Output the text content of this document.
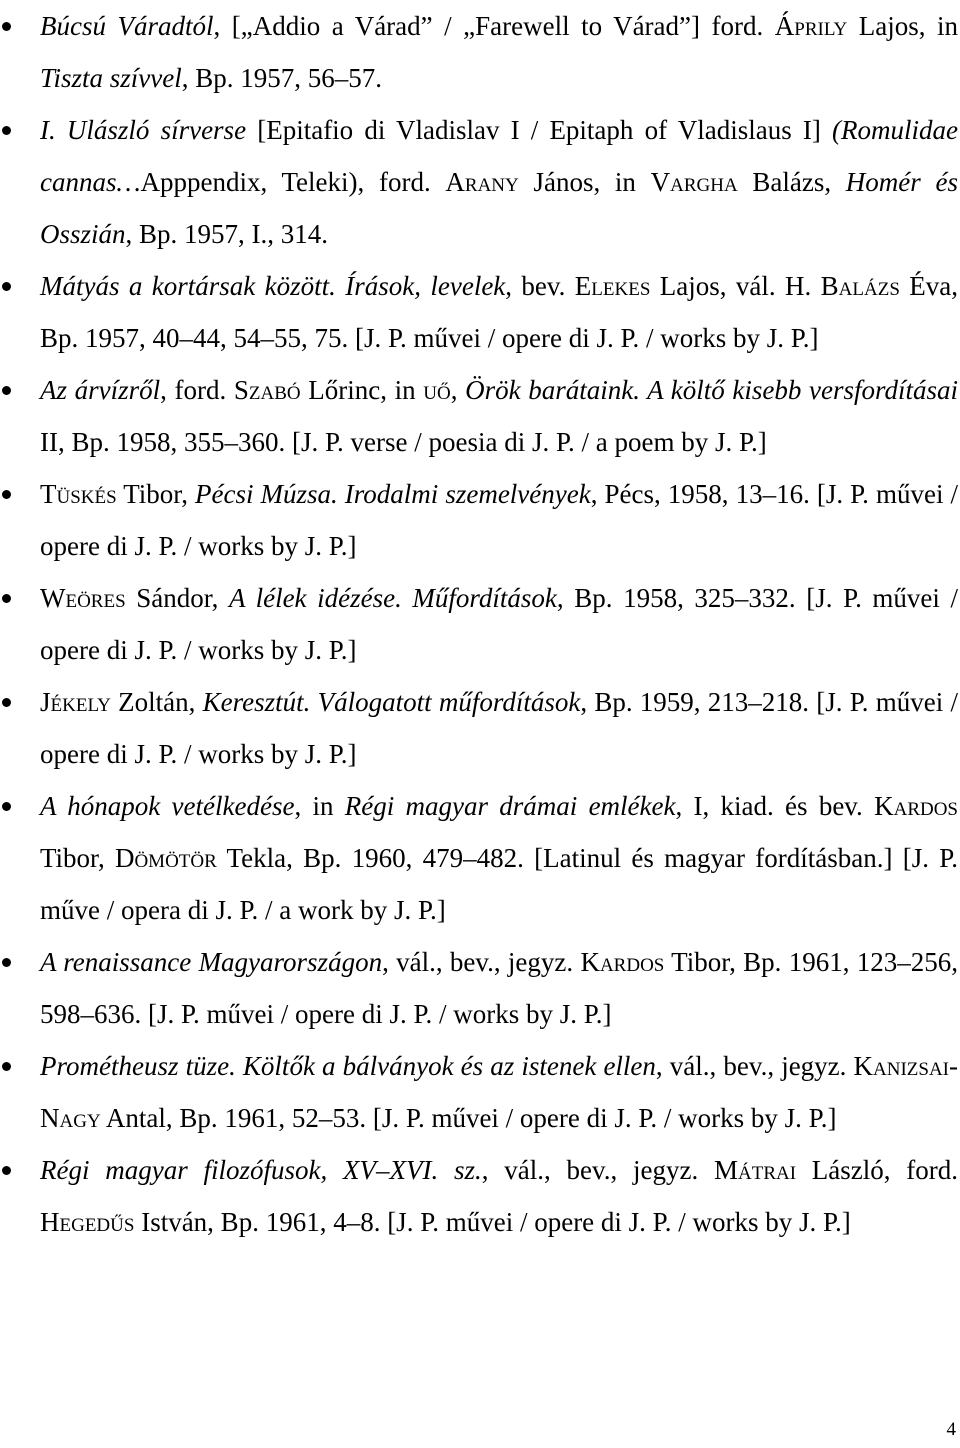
Búcsú Váradtól, [„Addio a Várad” / „Farewell to Várad”] ford. Áprily Lajos, in Tiszta szívvel, Bp. 1957, 56–57.
I. Ulászló sírverse [Epitafio di Vladislav I / Epitaph of Vladislaus I] (Romulidae cannas…Apppendix, Teleki), ford. Arany János, in Vargha Balázs, Homér és Osszián, Bp. 1957, I., 314.
Mátyás a kortársak között. Írások, levelek, bev. Elekes Lajos, vál. H. Balázs Éva, Bp. 1957, 40–44, 54–55, 75. [J. P. művei / opere di J. P. / works by J. P.]
Az árvízről, ford. Szabó Lőrinc, in uő, Örök barátaink. A költő kisebb versfordításai II, Bp. 1958, 355–360. [J. P. verse / poesia di J. P. / a poem by J. P.]
Tüskés Tibor, Pécsi Múzsa. Irodalmi szemelvények, Pécs, 1958, 13–16. [J. P. művei / opere di J. P. / works by J. P.]
Weöres Sándor, A lélek idézése. Műfordítások, Bp. 1958, 325–332. [J. P. művei / opere di J. P. / works by J. P.]
Jékely Zoltán, Keresztút. Válogatott műfordítások, Bp. 1959, 213–218. [J. P. művei / opere di J. P. / works by J. P.]
A hónapok vetélkedése, in Régi magyar drámai emlékek, I, kiad. és bev. Kardos Tibor, Dömötör Tekla, Bp. 1960, 479–482. [Latinul és magyar fordításban.] [J. P. műve / opera di J. P. / a work by J. P.]
A renaissance Magyarországon, vál., bev., jegyz. Kardos Tibor, Bp. 1961, 123–256, 598–636. [J. P. művei / opere di J. P. / works by J. P.]
Prométheusz tüze. Költők a bálványok és az istenek ellen, vál., bev., jegyz. Kanizsai-Nagy Antal, Bp. 1961, 52–53. [J. P. művei / opere di J. P. / works by J. P.]
Régi magyar filozófusok, XV–XVI. sz., vál., bev., jegyz. Mátrai László, ford. Hegedűs István, Bp. 1961, 4–8. [J. P. művei / opere di J. P. / works by J. P.]
4
